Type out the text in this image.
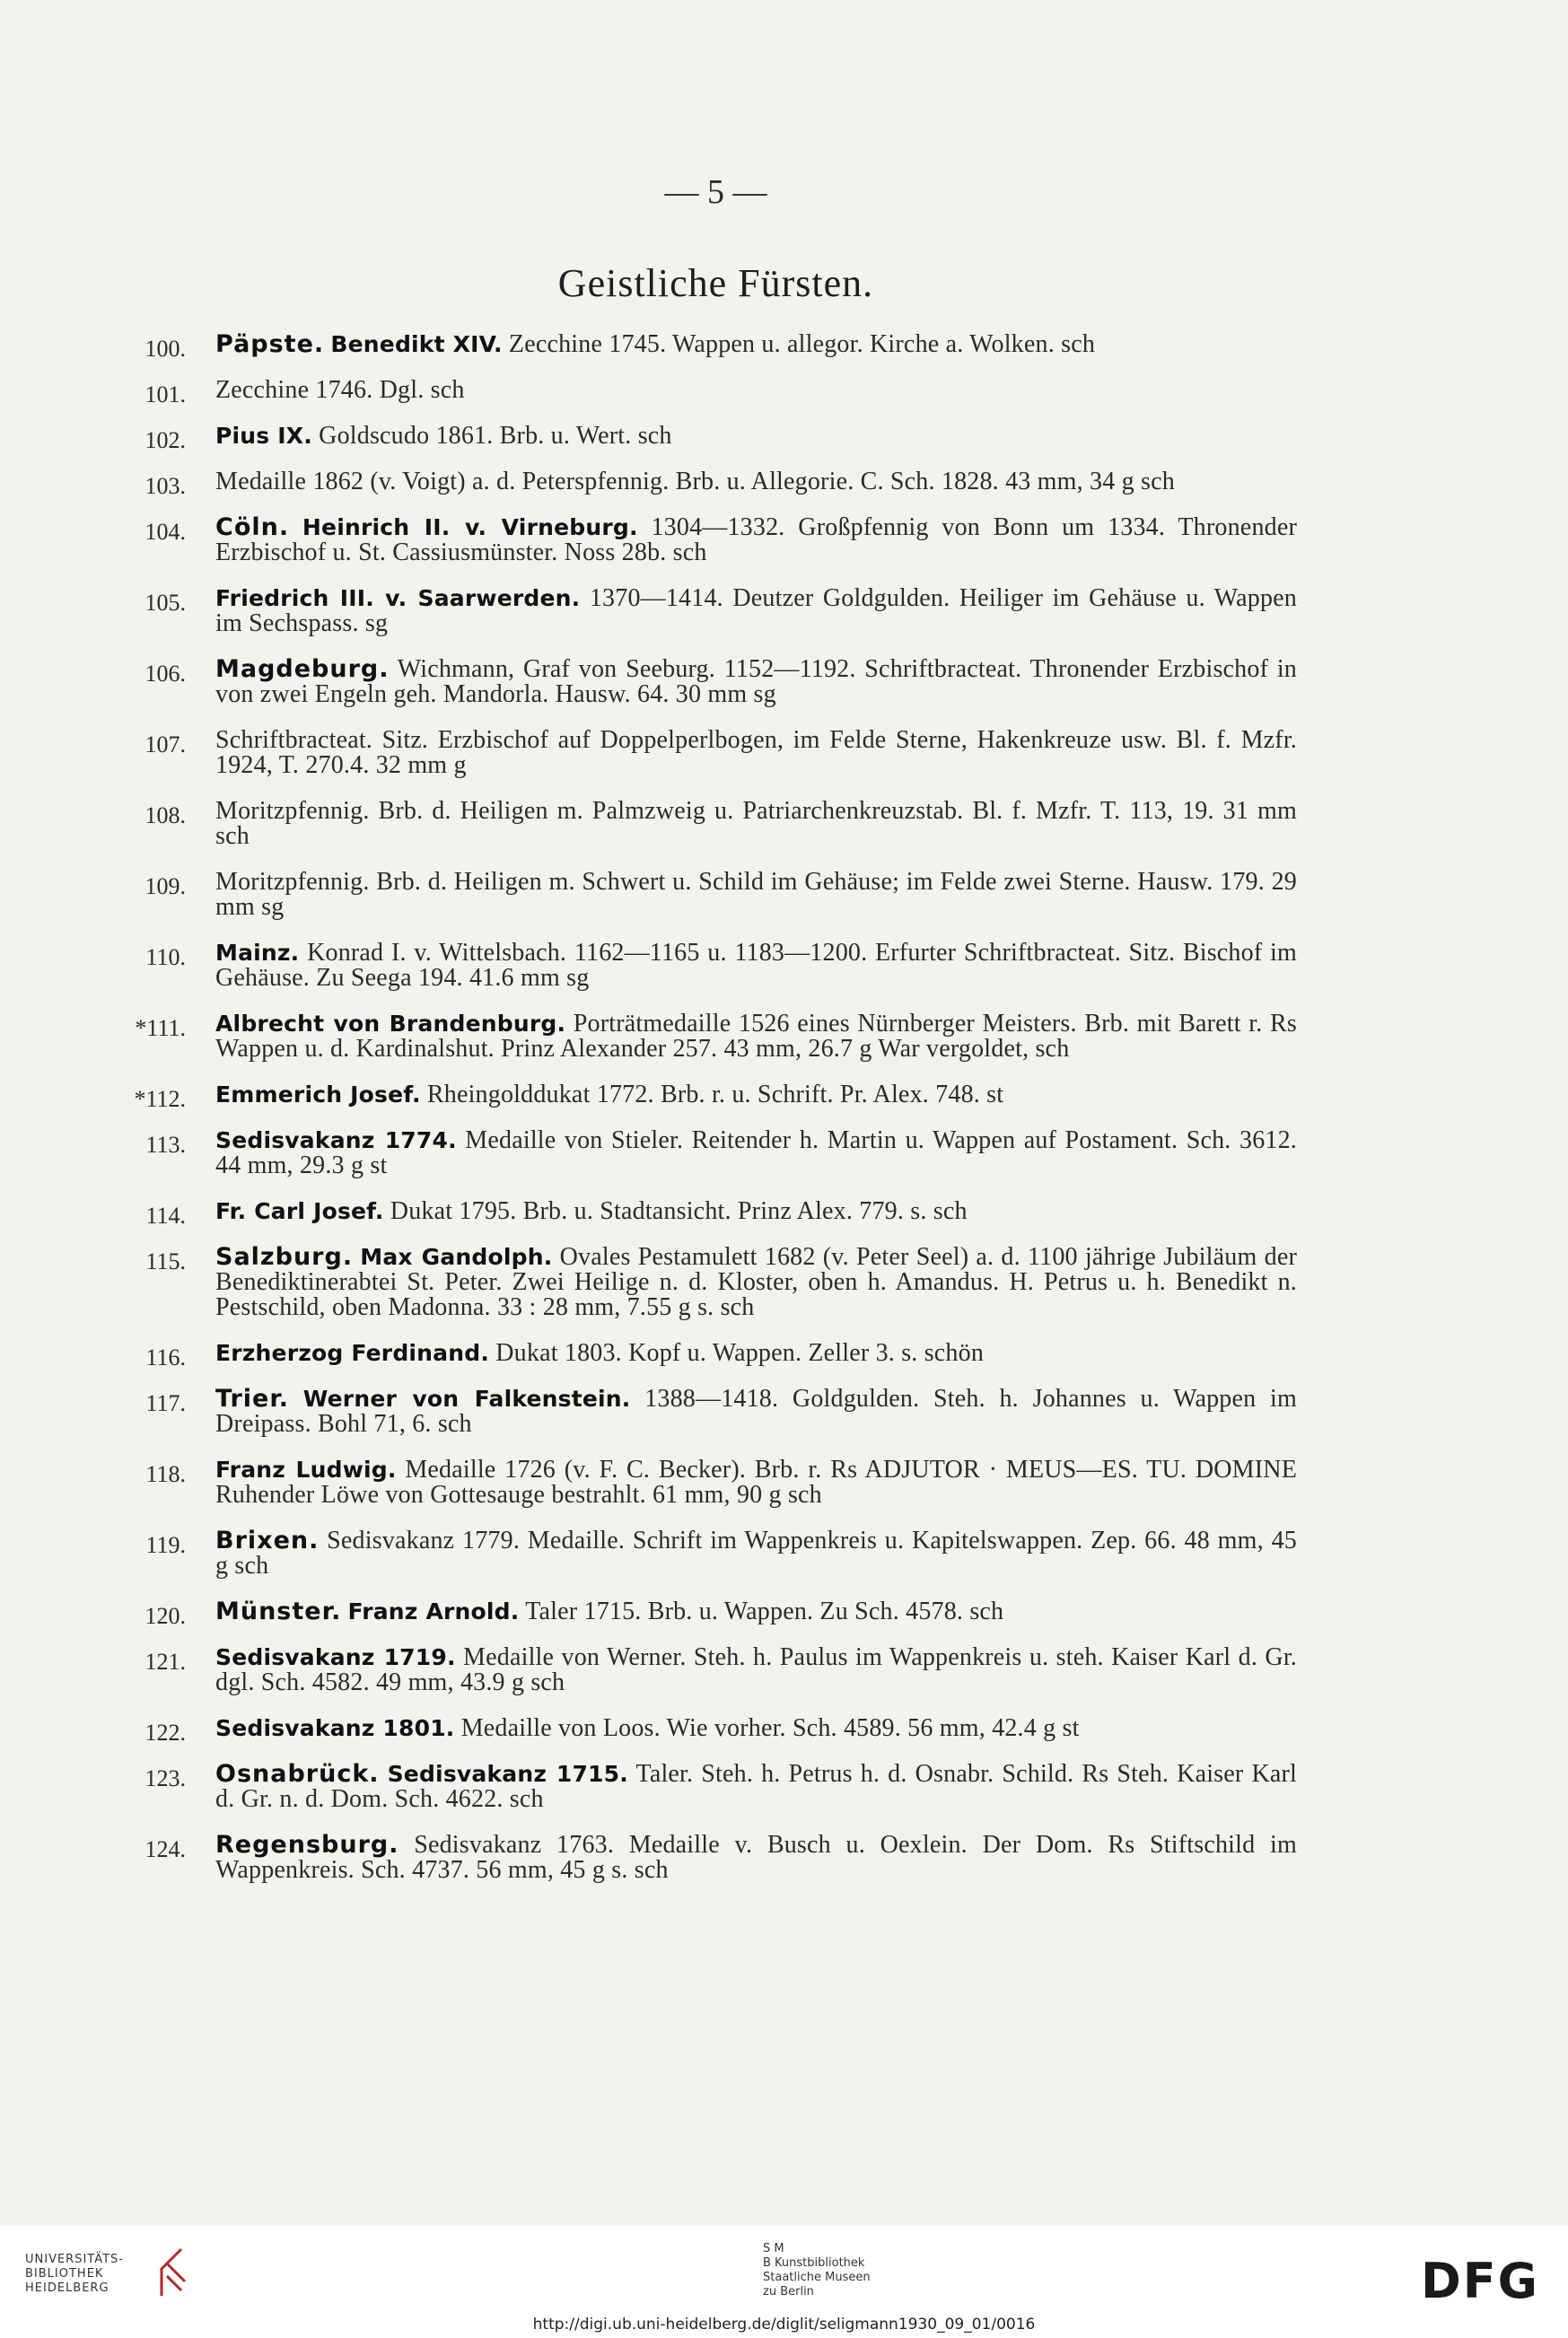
— 5 —
Geistliche Fürsten.
100. Päpste. Benedikt XIV. Zecchine 1745. Wappen u. allegor. Kirche a. Wolken. sch
101. Zecchine 1746. Dgl. sch
102. Pius IX. Goldscudo 1861. Brb. u. Wert. sch
103. Medaille 1862 (v. Voigt) a. d. Peterspfennig. Brb. u. Allegorie. C. Sch. 1828. 43 mm, 34 g sch
104. Cöln. Heinrich II. v. Virneburg. 1304—1332. Großpfennig von Bonn um 1334. Thronender Erzbischof u. St. Cassiusmünster. Noss 28b. sch
105. Friedrich III. v. Saarwerden. 1370—1414. Deutzer Goldgulden. Heiliger im Gehäuse u. Wappen im Sechspass. sg
106. Magdeburg. Wichmann, Graf von Seeburg. 1152—1192. Schriftbracteat. Thronender Erzbischof in von zwei Engeln geh. Mandorla. Hausw. 64. 30 mm sg
107. Schriftbracteat. Sitz. Erzbischof auf Doppelperlbogen, im Felde Sterne, Hakenkreuze usw. Bl. f. Mzfr. 1924, T. 270.4. 32 mm g
108. Moritzpfennig. Brb. d. Heiligen m. Palmzweig u. Patriarchenkreuzstab. Bl. f. Mzfr. T. 113, 19. 31 mm sch
109. Moritzpfennig. Brb. d. Heiligen m. Schwert u. Schild im Gehäuse; im Felde zwei Sterne. Hausw. 179. 29 mm sg
110. Mainz. Konrad I. v. Wittelsbach. 1162—1165 u. 1183—1200. Erfurter Schriftbracteat. Sitz. Bischof im Gehäuse. Zu Seega 194. 41.6 mm sg
*111. Albrecht von Brandenburg. Porträtmedaille 1526 eines Nürnberger Meisters. Brb. mit Barett r. Rs Wappen u. d. Kardinalshut. Prinz Alexander 257. 43 mm, 26.7 g War vergoldet, sch
*112. Emmerich Josef. Rheingolddukat 1772. Brb. r. u. Schrift. Pr. Alex. 748. st
113. Sedisvakanz 1774. Medaille von Stieler. Reitender h. Martin u. Wappen auf Postament. Sch. 3612. 44 mm, 29.3 g st
114. Fr. Carl Josef. Dukat 1795. Brb. u. Stadtansicht. Prinz Alex. 779. s. sch
115. Salzburg. Max Gandolph. Ovales Pestamulett 1682 (v. Peter Seel) a. d. 1100 jährige Jubiläum der Benediktinerabtei St. Peter. Zwei Heilige n. d. Kloster, oben h. Amandus. H. Petrus u. h. Benedikt n. Pestschild, oben Madonna. 33 : 28 mm, 7.55 g s. sch
116. Erzherzog Ferdinand. Dukat 1803. Kopf u. Wappen. Zeller 3. s. schön
117. Trier. Werner von Falkenstein. 1388—1418. Goldgulden. Steh. h. Johannes u. Wappen im Dreipass. Bohl 71, 6. sch
118. Franz Ludwig. Medaille 1726 (v. F. C. Becker). Brb. r. Rs ADJUTOR · MEUS—ES. TU. DOMINE Ruhender Löwe von Gottesauge bestrahlt. 61 mm, 90 g sch
119. Brixen. Sedisvakanz 1779. Medaille. Schrift im Wappenkreis u. Kapitelswappen. Zep. 66. 48 mm, 45 g sch
120. Münster. Franz Arnold. Taler 1715. Brb. u. Wappen. Zu Sch. 4578. sch
121. Sedisvakanz 1719. Medaille von Werner. Steh. h. Paulus im Wappenkreis u. steh. Kaiser Karl d. Gr. dgl. Sch. 4582. 49 mm, 43.9 g sch
122. Sedisvakanz 1801. Medaille von Loos. Wie vorher. Sch. 4589. 56 mm, 42.4 g st
123. Osnabrück. Sedisvakanz 1715. Taler. Steh. h. Petrus h. d. Osnabr. Schild. Rs Steh. Kaiser Karl d. Gr. n. d. Dom. Sch. 4622. sch
124. Regensburg. Sedisvakanz 1763. Medaille v. Busch u. Oexlein. Der Dom. Rs Stiftschild im Wappenkreis. Sch. 4737. 56 mm, 45 g s. sch
UNIVERSITÄTS-
BIBLIOTHEK
HEIDELBERG
S M
B Kunstbibliothek
Staatliche Museen
zu Berlin	DFG
http://digi.ub.uni-heidelberg.de/diglit/seligmann1930_09_01/0016
